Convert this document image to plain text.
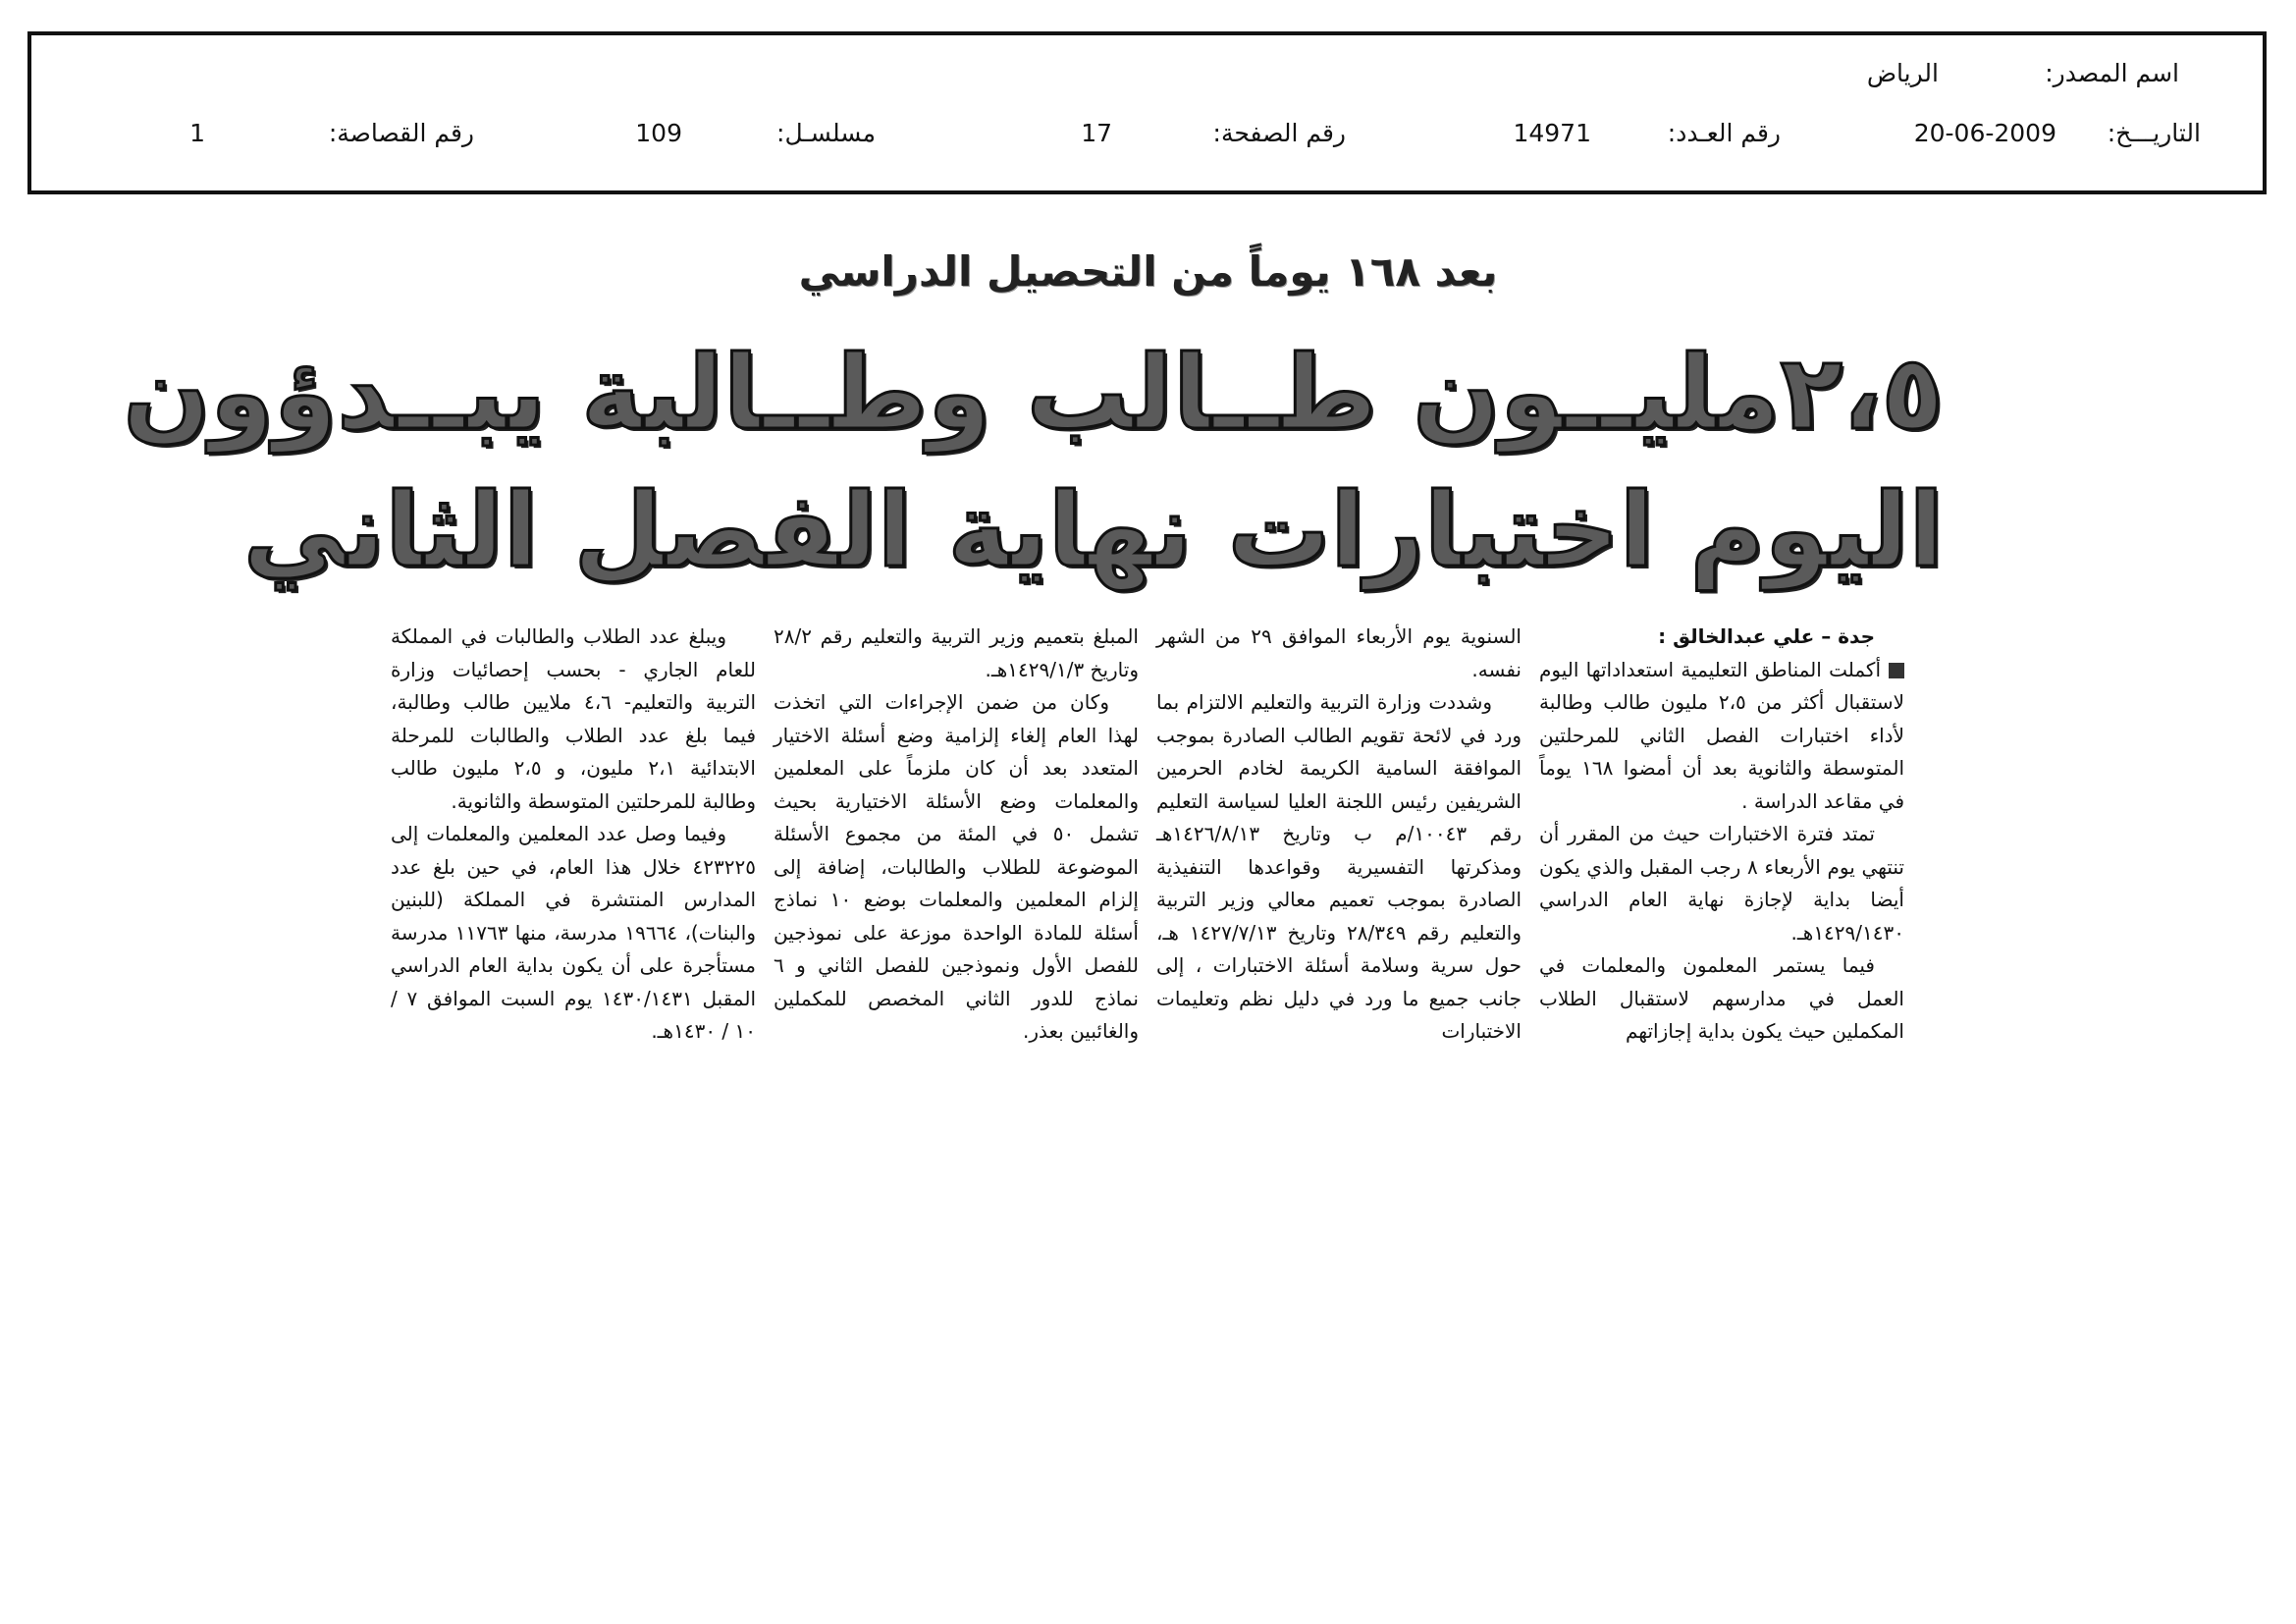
اسم المصدر:
الرياض
التاريـــخ:
20-06-2009
رقم العـدد:
14971
رقم الصفحة:
17
مسلسـل:
109
رقم القصاصة:
1
بعد ١٦٨ يوماً من التحصيل الدراسي
٢،٥مليــون طــالب وطــالبة يبــدؤون
اليوم اختبارات نهاية الفصل الثاني

جدة – علي عبدالخالق :

أكملت المناطق التعليمية استعداداتها اليوم لاستقبال أكثر من ٢،٥ مليون طالب وطالبة لأداء اختبارات الفصل الثاني للمرحلتين المتوسطة والثانوية بعد أن أمضوا ١٦٨ يوماً في مقاعد الدراسة .

تمتد فترة الاختبارات حيث من المقرر أن تنتهي يوم الأربعاء ٨ رجب المقبل والذي يكون أيضا بداية لإجازة نهاية العام الدراسي ١٤٢٩/١٤٣٠هـ.

فيما يستمر المعلمون والمعلمات في العمل في مدارسهم لاستقبال الطلاب المكملين حيث يكون بداية إجازاتهم

السنوية يوم الأربعاء الموافق ٢٩ من الشهر نفسه.

وشددت وزارة التربية والتعليم الالتزام بما ورد في لائحة تقويم الطالب الصادرة بموجب الموافقة السامية الكريمة لخادم الحرمين الشريفين رئيس اللجنة العليا لسياسة التعليم رقم ١٠٠٤٣/م ب وتاريخ ١٤٢٦/٨/١٣هـ ومذكرتها التفسيرية وقواعدها التنفيذية الصادرة بموجب تعميم معالي وزير التربية والتعليم رقم ٢٨/٣٤٩ وتاريخ ١٤٢٧/٧/١٣ هـ، حول سرية وسلامة أسئلة الاختبارات ، إلى جانب جميع ما ورد في دليل نظم وتعليمات الاختبارات

المبلغ بتعميم وزير التربية والتعليم رقم ٢٨/٢ وتاريخ ١٤٢٩/١/٣هـ.

وكان من ضمن الإجراءات التي اتخذت لهذا العام إلغاء إلزامية وضع أسئلة الاختيار المتعدد بعد أن كان ملزماً على المعلمين والمعلمات وضع الأسئلة الاختيارية بحيث تشمل ٥٠ في المئة من مجموع الأسئلة الموضوعة للطلاب والطالبات، إضافة إلى إلزام المعلمين والمعلمات بوضع ١٠ نماذج أسئلة للمادة الواحدة موزعة على نموذجين للفصل الأول ونموذجين للفصل الثاني و ٦ نماذج للدور الثاني المخصص للمكملين والغائبين بعذر.

ويبلغ عدد الطلاب والطالبات في المملكة للعام الجاري - بحسب إحصائيات وزارة التربية والتعليم- ٤،٦ ملايين طالب وطالبة، فيما بلغ عدد الطلاب والطالبات للمرحلة الابتدائية ٢،١ مليون، و ٢،٥ مليون طالب وطالبة للمرحلتين المتوسطة والثانوية.

وفيما وصل عدد المعلمين والمعلمات إلى ٤٢٣٢٢٥ خلال هذا العام، في حين بلغ عدد المدارس المنتشرة في المملكة (للبنين والبنات)، ١٩٦٦٤ مدرسة، منها ١١٧٦٣ مدرسة مستأجرة على أن يكون بداية العام الدراسي المقبل ١٤٣٠/١٤٣١ يوم السبت الموافق ٧ / ١٠ / ١٤٣٠هـ.
